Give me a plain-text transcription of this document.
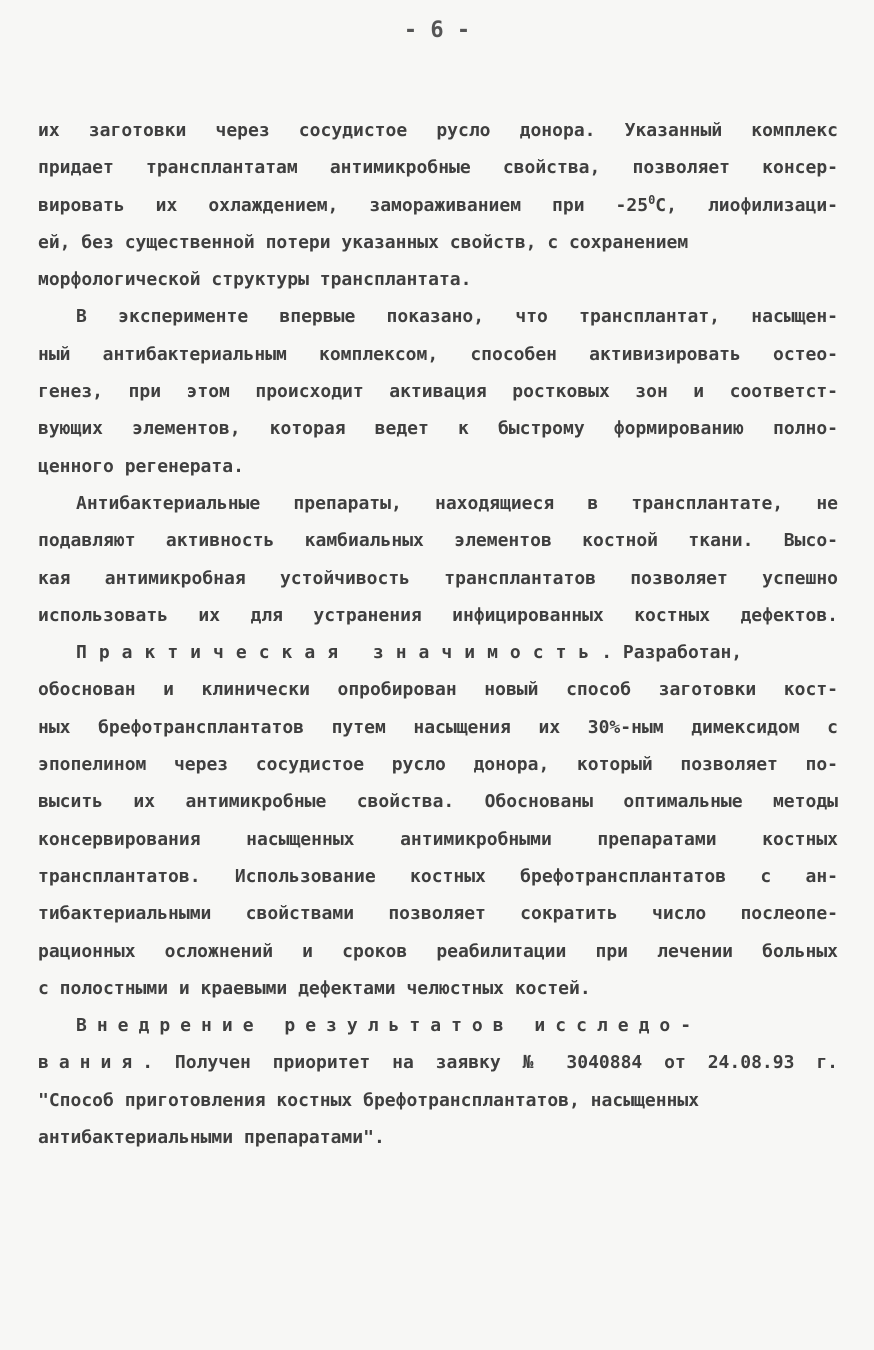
- 6 -
их заготовки через сосудистое русло донора. Указанный комплекс
придает трансплантатам антимикробные свойства, позволяет консер-
вировать их охлаждением, замораживанием при $-25^0С$, лиофилизаци-
ей, без существенной потери указанных свойств, с сохранением
морфологической структуры трансплантата.
В эксперименте впервые показано, что трансплантат, насыщен-
ный антибактериальным комплексом, способен активизировать остео-
генез, при этом происходит активация ростковых зон и соответст-
вующих элементов, которая ведет к быстрому формированию полно-
ценного регенерата.
Антибактериальные препараты, находящиеся в трансплантате, не
подавляют активность камбиальных элементов костной ткани. Высо-
кая антимикробная устойчивость трансплантатов позволяет успешно
использовать их для устранения инфицированных костных дефектов.
Практическая значимость. Разработан,
обоснован и клинически опробирован новый способ заготовки кост-
ных брефотрансплантатов путем насыщения их 30%-ным димексидом с
эпопелином через сосудистое русло донора, который позволяет по-
высить их антимикробные свойства. Обоснованы оптимальные методы
консервирования насыщенных антимикробными препаратами костных
трансплантатов. Использование костных брефотрансплантатов с ан-
тибактериальными свойствами позволяет сократить число послеопе-
рационных осложнений и сроков реабилитации при лечении больных
с полостными и краевыми дефектами челюстных костей.
Внедрение результатов исследо-
вания. Получен приоритет на заявку № 3040884 от 24.08.93 г.
"Способ приготовления костных брефотрансплантатов, насыщенных
антибактериальными препаратами".
